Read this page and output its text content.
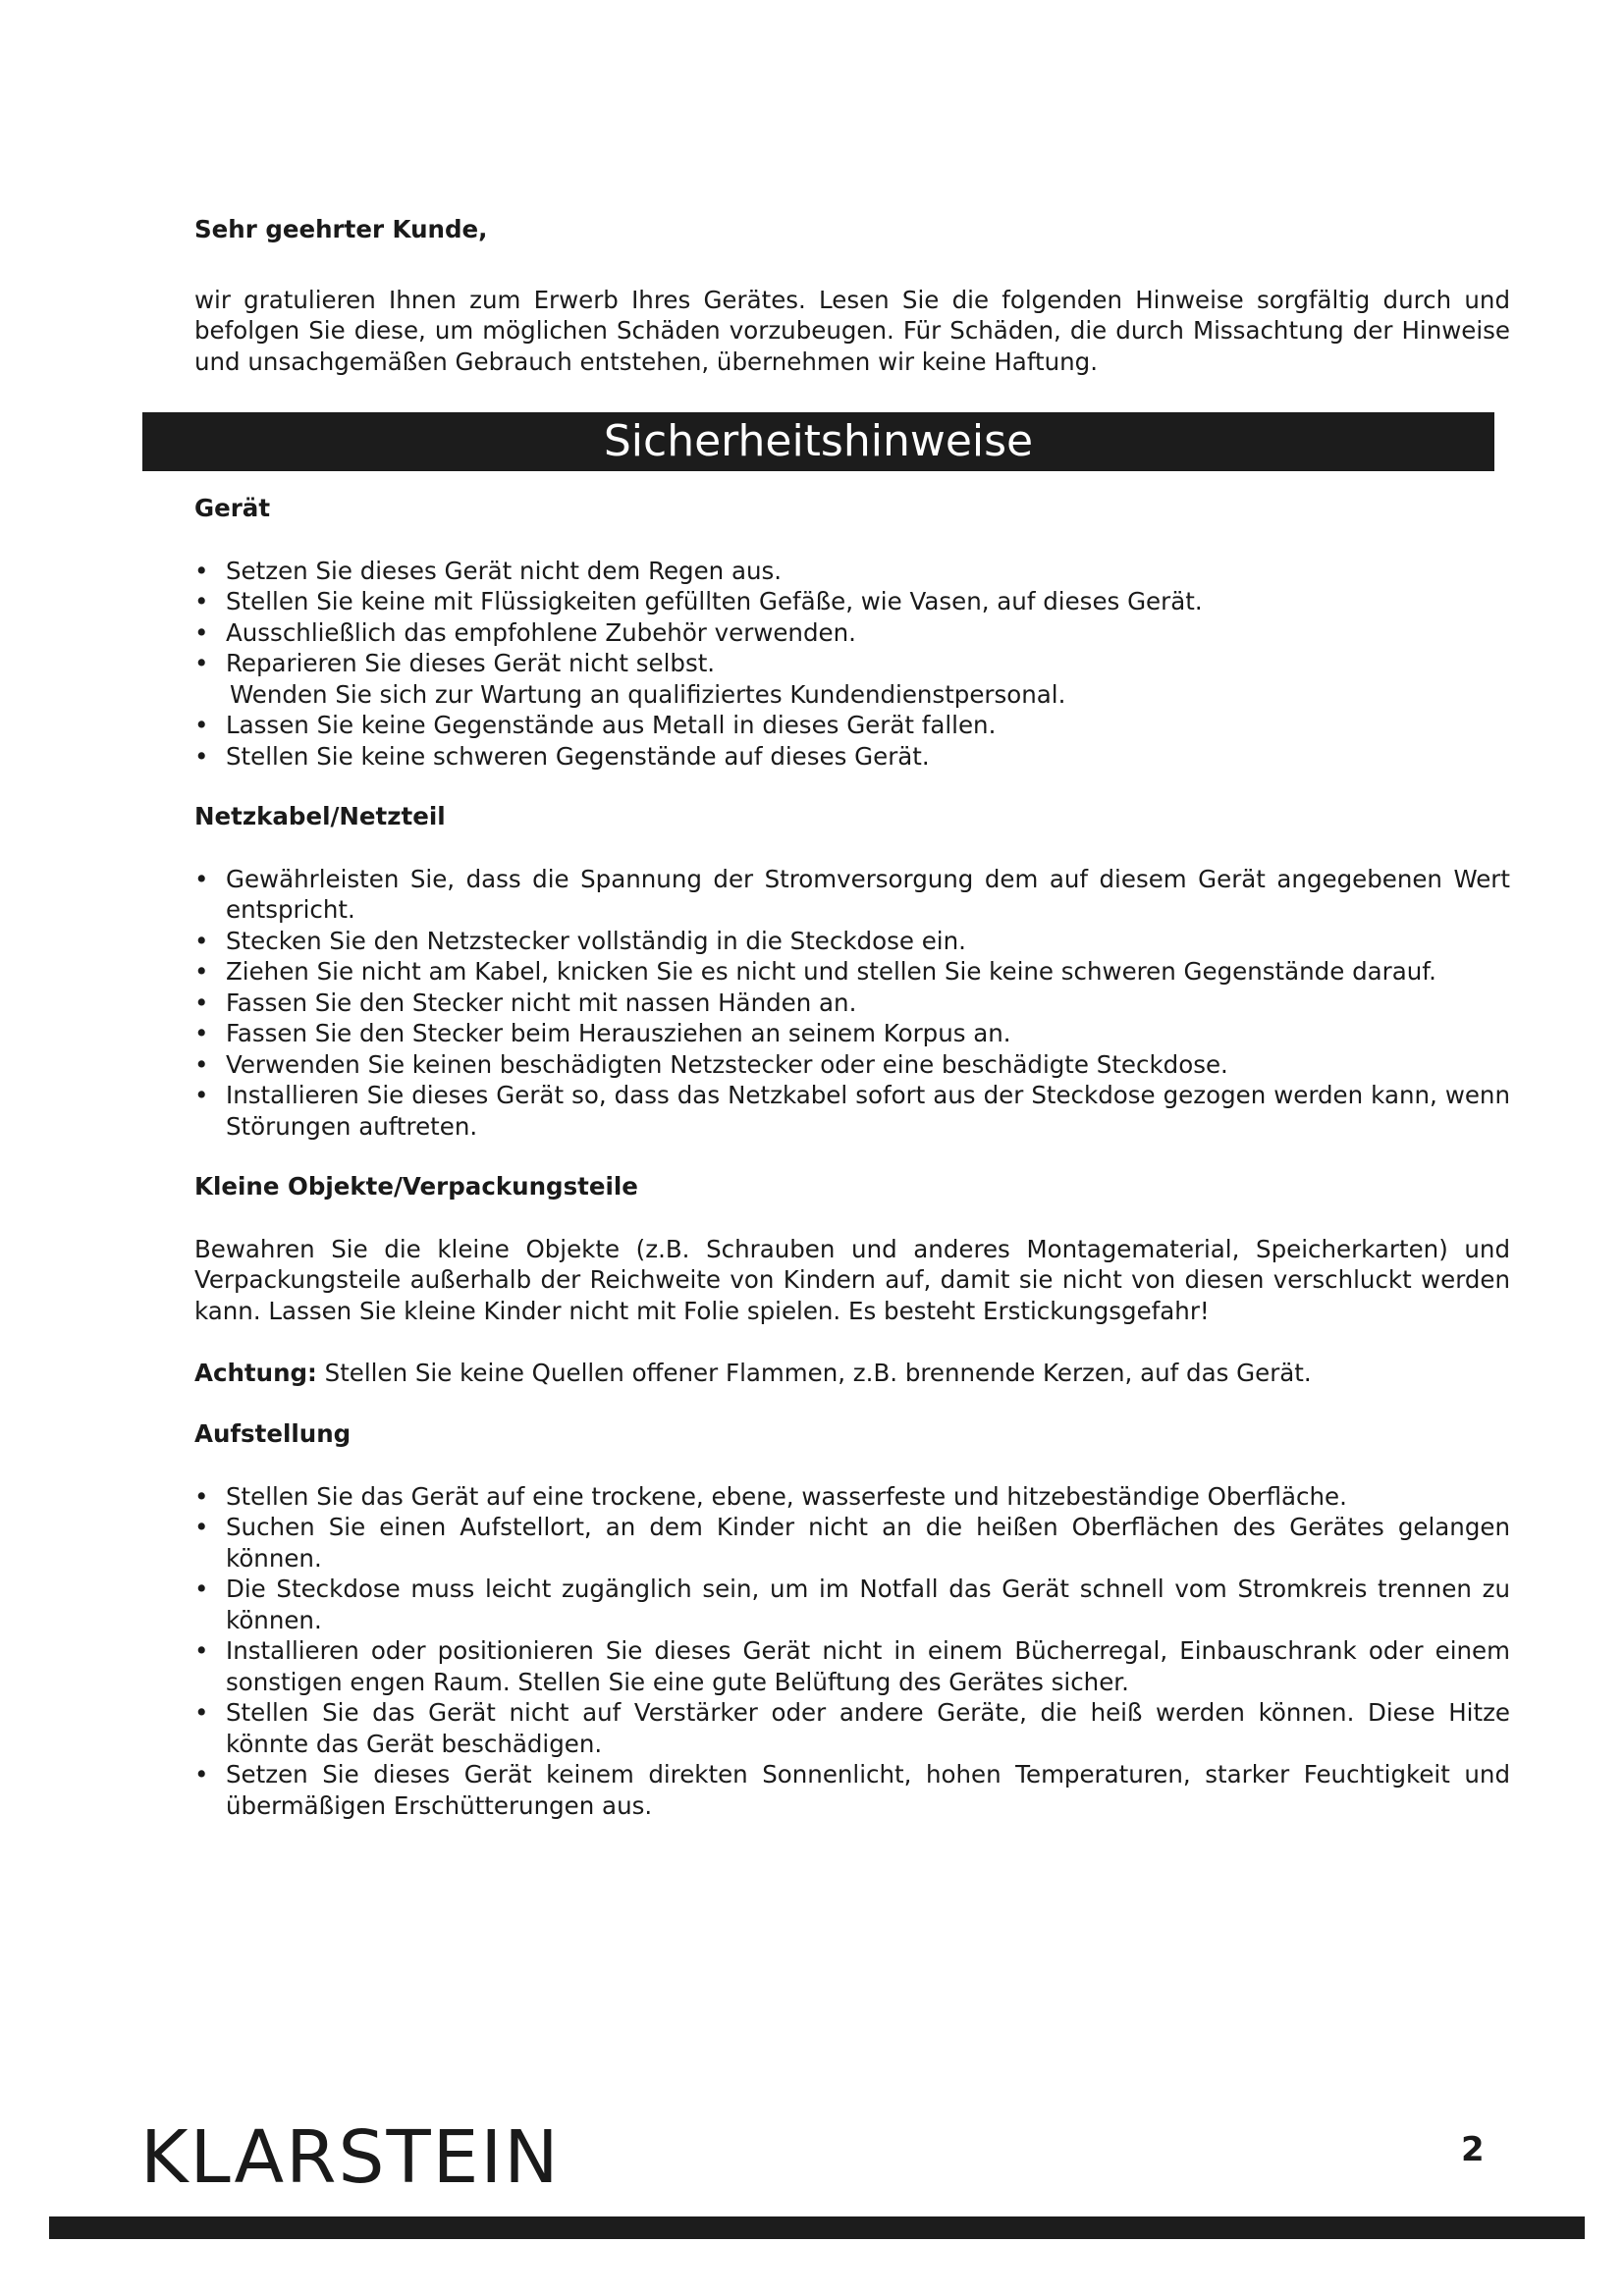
Sehr geehrter Kunde,

wir gratulieren Ihnen zum Erwerb Ihres Gerätes. Lesen Sie die folgenden Hinweise sorgfältig durch und befolgen Sie diese, um möglichen Schäden vorzubeugen. Für Schäden, die durch Missachtung der Hinweise und unsachgemäßen Gebrauch entstehen, übernehmen wir keine Haftung.

Sicherheitshinweise

Gerät

• Setzen Sie dieses Gerät nicht dem Regen aus.
• Stellen Sie keine mit Flüssigkeiten gefüllten Gefäße, wie Vasen, auf dieses Gerät.
• Ausschließlich das empfohlene Zubehör verwenden.
• Reparieren Sie dieses Gerät nicht selbst.
Wenden Sie sich zur Wartung an qualifiziertes Kundendienstpersonal.
• Lassen Sie keine Gegenstände aus Metall in dieses Gerät fallen.
• Stellen Sie keine schweren Gegenstände auf dieses Gerät.

Netzkabel/Netzteil

• Gewährleisten Sie, dass die Spannung der Stromversorgung dem auf diesem Gerät angegebenen Wert entspricht.
• Stecken Sie den Netzstecker vollständig in die Steckdose ein.
• Ziehen Sie nicht am Kabel, knicken Sie es nicht und stellen Sie keine schweren Gegenstände darauf.
• Fassen Sie den Stecker nicht mit nassen Händen an.
• Fassen Sie den Stecker beim Herausziehen an seinem Korpus an.
• Verwenden Sie keinen beschädigten Netzstecker oder eine beschädigte Steckdose.
• Installieren Sie dieses Gerät so, dass das Netzkabel sofort aus der Steckdose gezogen werden kann, wenn Störungen auftreten.

Kleine Objekte/Verpackungsteile

Bewahren Sie die kleine Objekte (z.B. Schrauben und anderes Montagematerial, Speicherkarten) und Verpackungsteile außerhalb der Reichweite von Kindern auf, damit sie nicht von diesen verschluckt werden kann. Lassen Sie kleine Kinder nicht mit Folie spielen. Es besteht Erstickungsgefahr!

Achtung: Stellen Sie keine Quellen offener Flammen, z.B. brennende Kerzen, auf das Gerät.

Aufstellung

• Stellen Sie das Gerät auf eine trockene, ebene, wasserfeste und hitzebeständige Oberfläche.
• Suchen Sie einen Aufstellort, an dem Kinder nicht an die heißen Oberflächen des Gerätes gelangen können.
• Die Steckdose muss leicht zugänglich sein, um im Notfall das Gerät schnell vom Stromkreis trennen zu können.
• Installieren oder positionieren Sie dieses Gerät nicht in einem Bücherregal, Einbauschrank oder einem sonstigen engen Raum. Stellen Sie eine gute Belüftung des Gerätes sicher.
• Stellen Sie das Gerät nicht auf Verstärker oder andere Geräte, die heiß werden können. Diese Hitze könnte das Gerät beschädigen.
• Setzen Sie dieses Gerät keinem direkten Sonnenlicht, hohen Temperaturen, starker Feuchtigkeit und übermäßigen Erschütterungen aus.
KLARSTEIN	2
